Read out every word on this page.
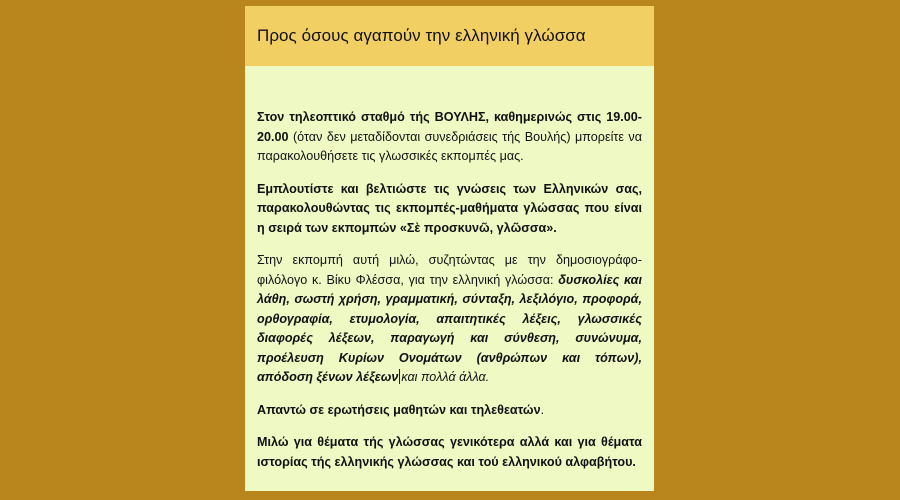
Προς όσους αγαπούν την ελληνική γλώσσα

Στον τηλεοπτικό σταθμό τής ΒΟΥΛΗΣ, καθημερινώς στις 19.00-20.00 (όταν δεν μεταδίδονται συνεδριάσεις τής Βουλής) μπορείτε να παρακολουθήσετε τις γλωσσικές εκπομπές μας.

Εμπλουτίστε και βελτιώστε τις γνώσεις των Ελληνικών σας, παρακολουθώντας τις εκπομπές-μαθήματα γλώσσας που είναι η σειρά των εκπομπών «Σὲ προσκυνῶ, γλῶσσα».

Στην εκπομπή αυτή μιλώ, συζητώντας με την δημοσιογράφο-φιλόλογο κ. Βίκυ Φλέσσα, για την ελληνική γλώσσα: δυσκολίες και λάθη, σωστή χρήση, γραμματική, σύνταξη, λεξιλόγιο, προφορά, ορθογραφία, ετυμολογία, απαιτητικές λέξεις, γλωσσικές διαφορές λέξεων, παραγωγή και σύνθεση, συνώνυμα, προέλευση Κυρίων Ονομάτων (ανθρώπων και τόπων), απόδοση ξένων λέξεων και πολλά άλλα.

Απαντώ σε ερωτήσεις μαθητών και τηλεθεατών.

Μιλώ για θέματα τής γλώσσας γενικότερα αλλά και για θέματα ιστορίας τής ελληνικής γλώσσας και τού ελληνικού αλφαβήτου.
